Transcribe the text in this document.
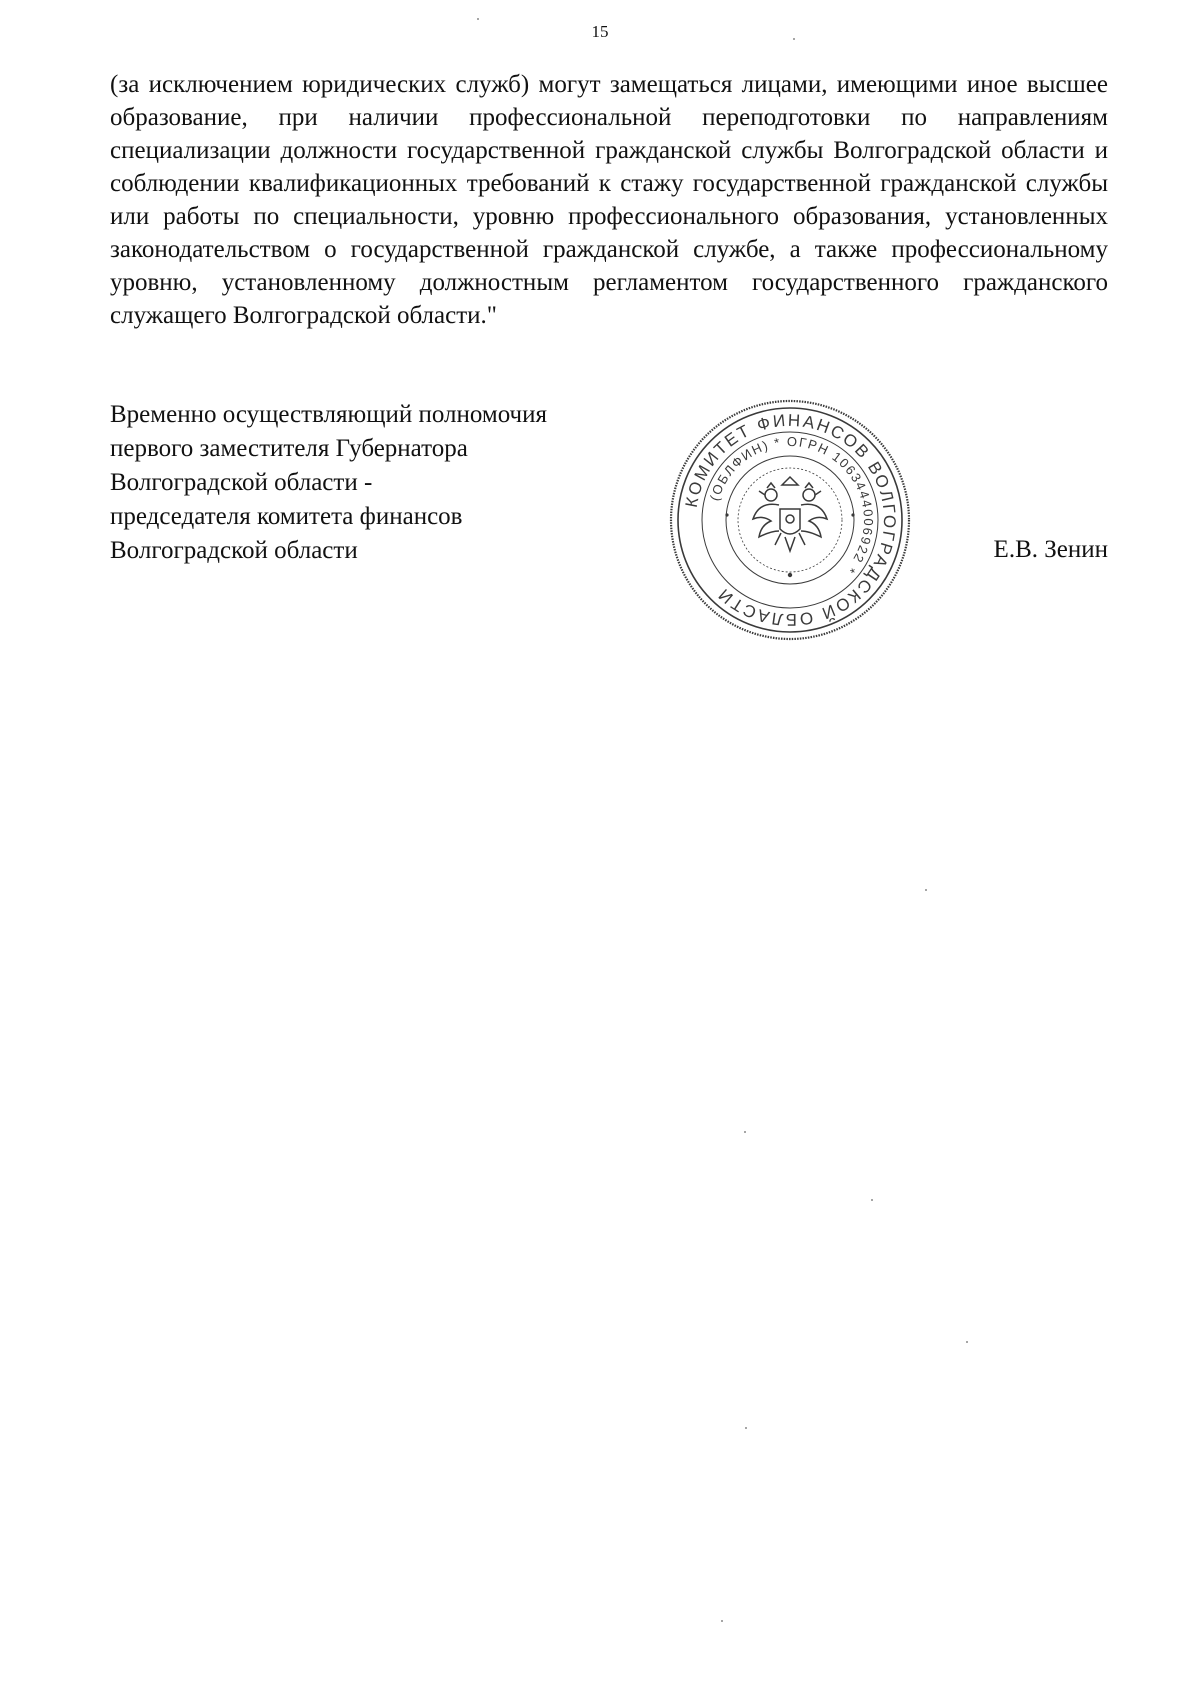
15

(за исключением юридических служб) могут замещаться лицами, имеющими иное высшее образование, при наличии профессиональной переподготовки по направлениям специализации должности государственной гражданской службы Волгоградской области и соблюдении квалификационных требований к стажу государственной гражданской службы или работы по специальности, уровню профессионального образования, установленных законодательством о государственной гражданской службе, а также профессиональному уровню, установленному должностным регламентом государственного гражданского служащего Волгоградской области."

Временно осуществляющий полномочия
первого заместителя Губернатора
Волгоградской области -
председателя комитета финансов
Волгоградской области	Е.В. Зенин
КОМИТЕТ ФИНАНСОВ ВОЛГОГРАДСКОЙ ОБЛАСТИ
(ОБЛФИН) * ОГРН 1063444006922 *
